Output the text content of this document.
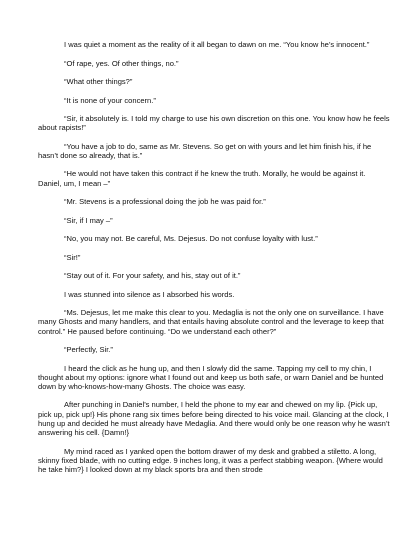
I was quiet a moment as the reality of it all began to dawn on me. “You know he’s innocent.”

“Of rape, yes. Of other things, no.”

“What other things?”

“It is none of your concern.”

“Sir, it absolutely is. I told my charge to use his own discretion on this one. You know how he feels about rapists!”

“You have a job to do, same as Mr. Stevens. So get on with yours and let him finish his, if he hasn’t done so already, that is.”

“He would not have taken this contract if he knew the truth. Morally, he would be against it. Daniel, um, I mean –”

“Mr. Stevens is a professional doing the job he was paid for.”

“Sir, if I may –”

“No, you may not. Be careful, Ms. Dejesus. Do not confuse loyalty with lust.”

“Sir!”

“Stay out of it. For your safety, and his, stay out of it.”

I was stunned into silence as I absorbed his words.

“Ms. Dejesus, let me make this clear to you. Medaglia is not the only one on surveillance. I have many Ghosts and many handlers, and that entails having absolute control and the leverage to keep that control.” He paused before continuing. “Do we understand each other?”

“Perfectly, Sir.”

I heard the click as he hung up, and then I slowly did the same. Tapping my cell to my chin, I thought about my options: ignore what I found out and keep us both safe, or warn Daniel and be hunted down by who-knows-how-many Ghosts. The choice was easy.

After punching in Daniel’s number, I held the phone to my ear and chewed on my lip. {Pick up, pick up, pick up!} His phone rang six times before being directed to his voice mail. Glancing at the clock, I hung up and decided he must already have Medaglia. And there would only be one reason why he wasn’t answering his cell. {Damn!}

My mind raced as I yanked open the bottom drawer of my desk and grabbed a stiletto. A long, skinny fixed blade, with no cutting edge. 9 inches long, it was a perfect stabbing weapon. {Where would he take him?} I looked down at my black sports bra and then strode
